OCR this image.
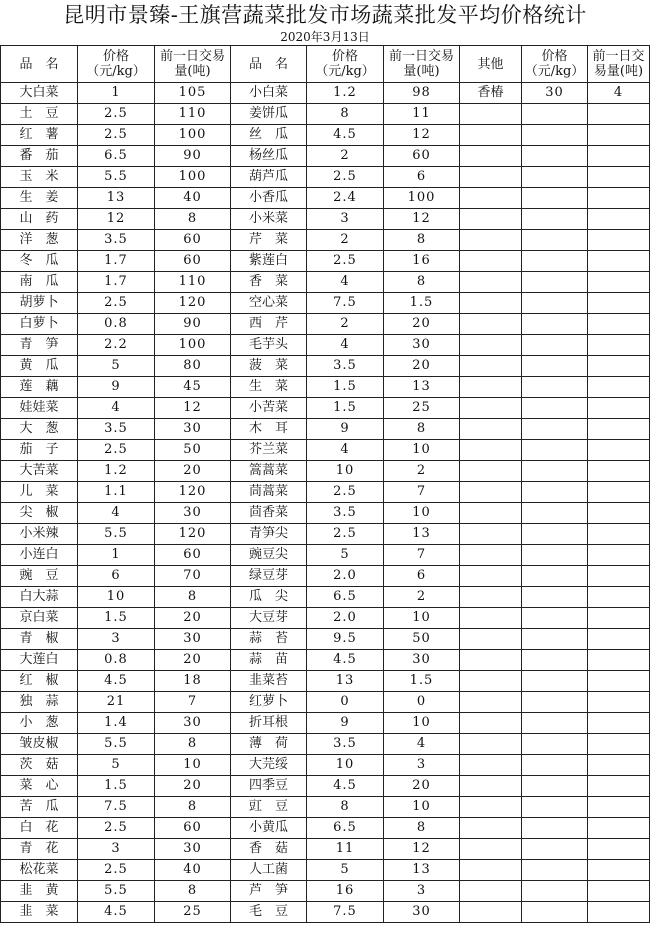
昆明市景臻-王旗营蔬菜批发市场蔬菜批发平均价格统计
2020年3月13日
品　名	价格（元/kg）	前一日交易量(吨)	品　名	价格（元/kg）	前一日交易量(吨)	其他	价格（元/kg）	前一日交易量(吨)
大白菜	1	105	小白菜	1.2	98	香椿	30	4
土　豆	2.5	110	姜饼瓜	8	11			
红　薯	2.5	100	丝　瓜	4.5	12			
番　茄	6.5	90	杨丝瓜	2	60			
玉　米	5.5	100	葫芦瓜	2.5	6			
生　姜	13	40	小香瓜	2.4	100			
山　药	12	8	小米菜	3	12			
洋　葱	3.5	60	芹　菜	2	8			
冬　瓜	1.7	60	紫莲白	2.5	16			
南　瓜	1.7	110	香　菜	4	8			
胡萝卜	2.5	120	空心菜	7.5	1.5			
白萝卜	0.8	90	西　芹	2	20			
青　笋	2.2	100	毛芋头	4	30			
黄　瓜	5	80	菠　菜	3.5	20			
莲　藕	9	45	生　菜	1.5	13			
娃娃菜	4	12	小苦菜	1.5	25			
大　葱	3.5	30	木　耳	9	8			
茄　子	2.5	50	芥兰菜	4	10			
大苦菜	1.2	20	篙蒿菜	10	2			
儿　菜	1.1	120	茼蒿菜	2.5	7			
尖　椒	4	30	茴香菜	3.5	10			
小米辣	5.5	120	青笋尖	2.5	13			
小连白	1	60	豌豆尖	5	7			
豌　豆	6	70	绿豆芽	2.0	6			
白大蒜	10	8	瓜　尖	6.5	2			
京白菜	1.5	20	大豆芽	2.0	10			
青　椒	3	30	蒜　苔	9.5	50			
大莲白	0.8	20	蒜　苗	4.5	30			
红　椒	4.5	18	韭菜苔	13	1.5			
独　蒜	21	7	红萝卜	0	0			
小　葱	1.4	30	折耳根	9	10			
皱皮椒	5.5	8	薄　荷	3.5	4			
茨　菇	5	10	大芫绥	10	3			
菜　心	1.5	20	四季豆	4.5	20			
苦　瓜	7.5	8	豇　豆	8	10			
白　花	2.5	60	小黄瓜	6.5	8			
青　花	3	30	香　菇	11	12			
松花菜	2.5	40	人工菌	5	13			
韭　黄	5.5	8	芦　笋	16	3			
韭　菜	4.5	25	毛　豆	7.5	30			
